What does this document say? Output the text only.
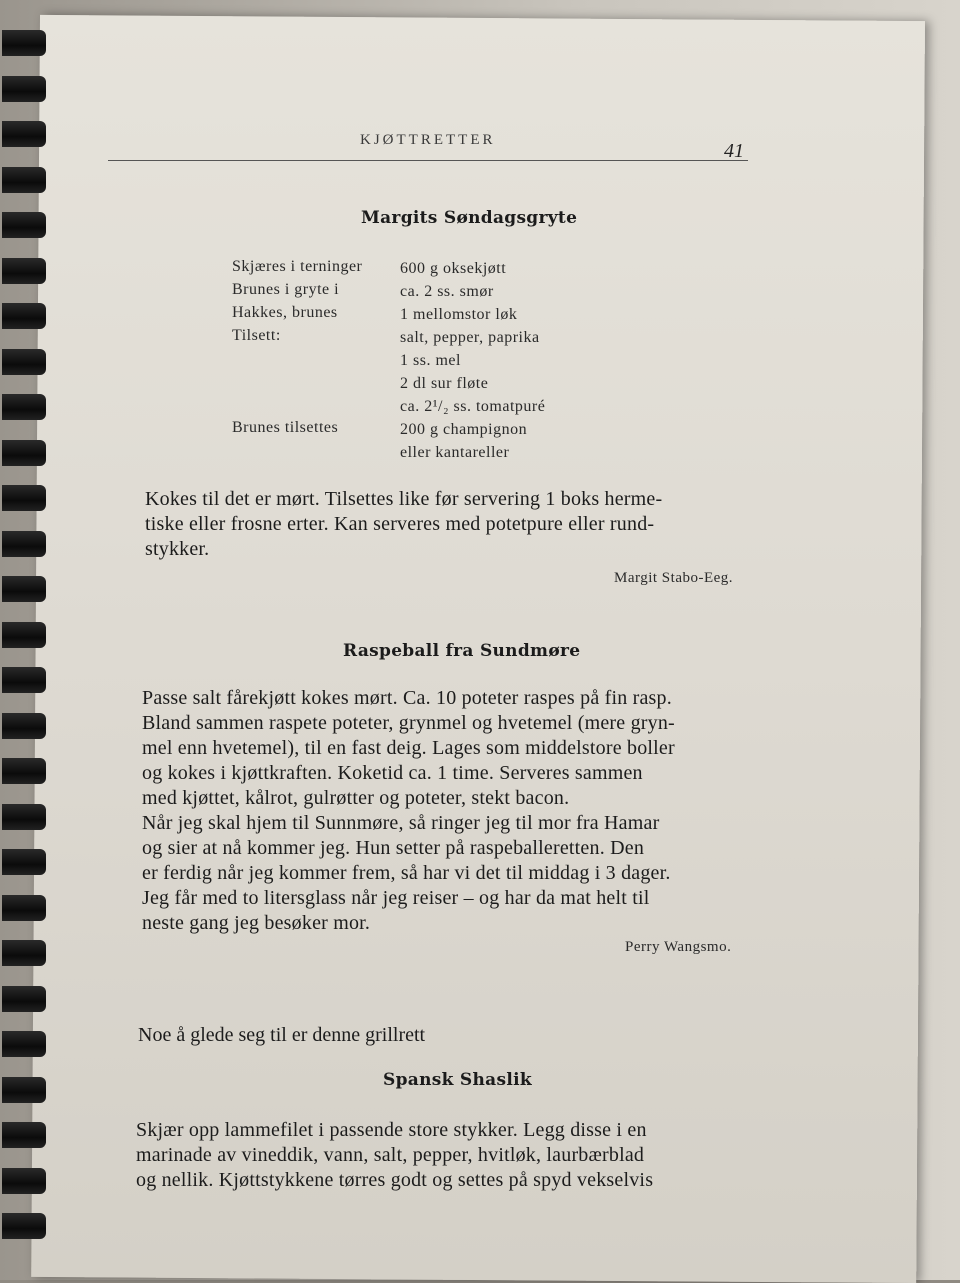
KJØTTRETTER	41
Margits Søndagsgryte
Skjæres i terninger
Brunes i gryte i
Hakkes, brunes
Tilsett:

Brunes tilsettes

600 g oksekjøtt
ca. 2 ss. smør
1 mellomstor løk
salt, pepper, paprika
1 ss. mel
2 dl sur fløte
ca. 2¹/₂ ss. tomatpuré
200 g champignon
eller kantareller
Kokes til det er mørt. Tilsettes like før servering 1 boks herme-
tiske eller frosne erter. Kan serveres med potetpure eller rund-
stykker.
Margit Stabo-Eeg.
Raspeball fra Sundmøre
Passe salt fårekjøtt kokes mørt. Ca. 10 poteter raspes på fin rasp.
Bland sammen raspete poteter, grynmel og hvetemel (mere gryn-
mel enn hvetemel), til en fast deig. Lages som middelstore boller
og kokes i kjøttkraften. Koketid ca. 1 time. Serveres sammen
med kjøttet, kålrot, gulrøtter og poteter, stekt bacon.
Når jeg skal hjem til Sunnmøre, så ringer jeg til mor fra Hamar
og sier at nå kommer jeg. Hun setter på raspeballeretten. Den
er ferdig når jeg kommer frem, så har vi det til middag i 3 dager.
Jeg får med to litersglass når jeg reiser – og har da mat helt til
neste gang jeg besøker mor.
Perry Wangsmo.
Noe å glede seg til er denne grillrett
Spansk Shaslik
Skjær opp lammefilet i passende store stykker. Legg disse i en
marinade av vineddik, vann, salt, pepper, hvitløk, laurbærblad
og nellik. Kjøttstykkene tørres godt og settes på spyd vekselvis
